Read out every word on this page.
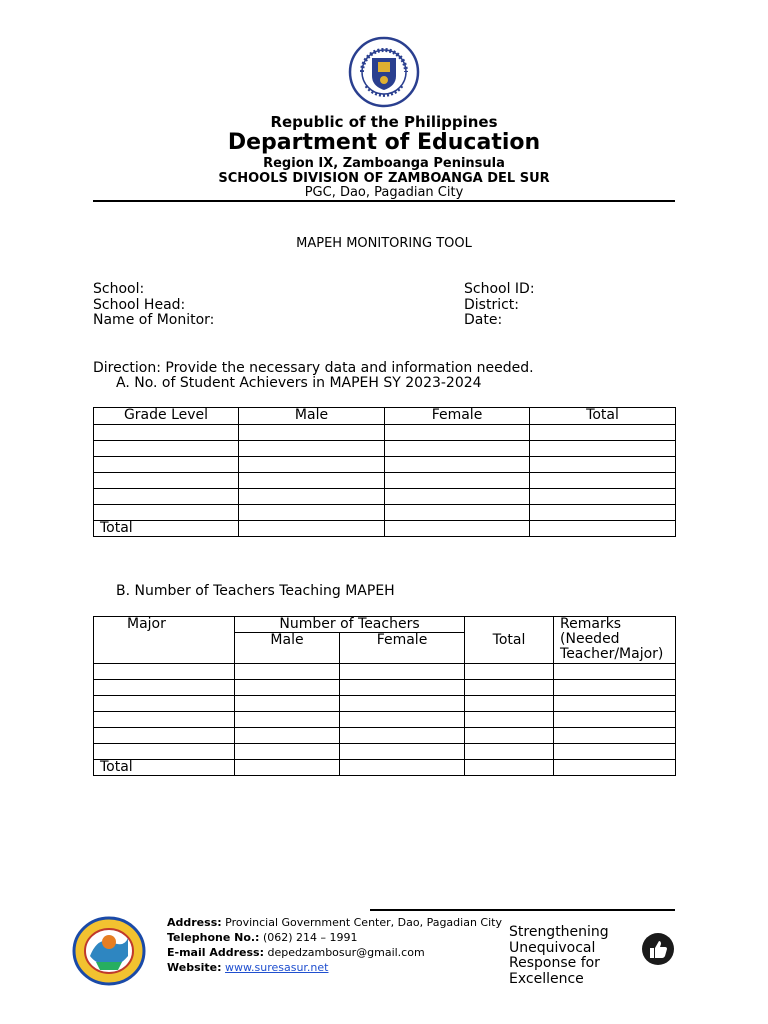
Republic of the Philippines
Department of Education
Region IX, Zamboanga Peninsula
SCHOOLS DIVISION OF ZAMBOANGA DEL SUR
PGC, Dao, Pagadian City
MAPEH MONITORING TOOL
School:
School Head:
Name of Monitor:
School ID:
District:
Date:
Direction: Provide the necessary data and information needed.
A. No. of Student Achievers in MAPEH SY 2023-2024
Grade Level	Male	Female	Total

Total			
B. Number of Teachers Teaching MAPEH
Major	Number of Teachers		Total	Remarks
(Needed
Teacher/Major)

	Male	Female		

Total				
Address: Provincial Government Center, Dao, Pagadian City
Telephone No.: (062) 214 – 1991
E-mail Address: depedzambosur@gmail.com
Website: www.suresasur.net
Strengthening
Unequivocal
Response for
Excellence
